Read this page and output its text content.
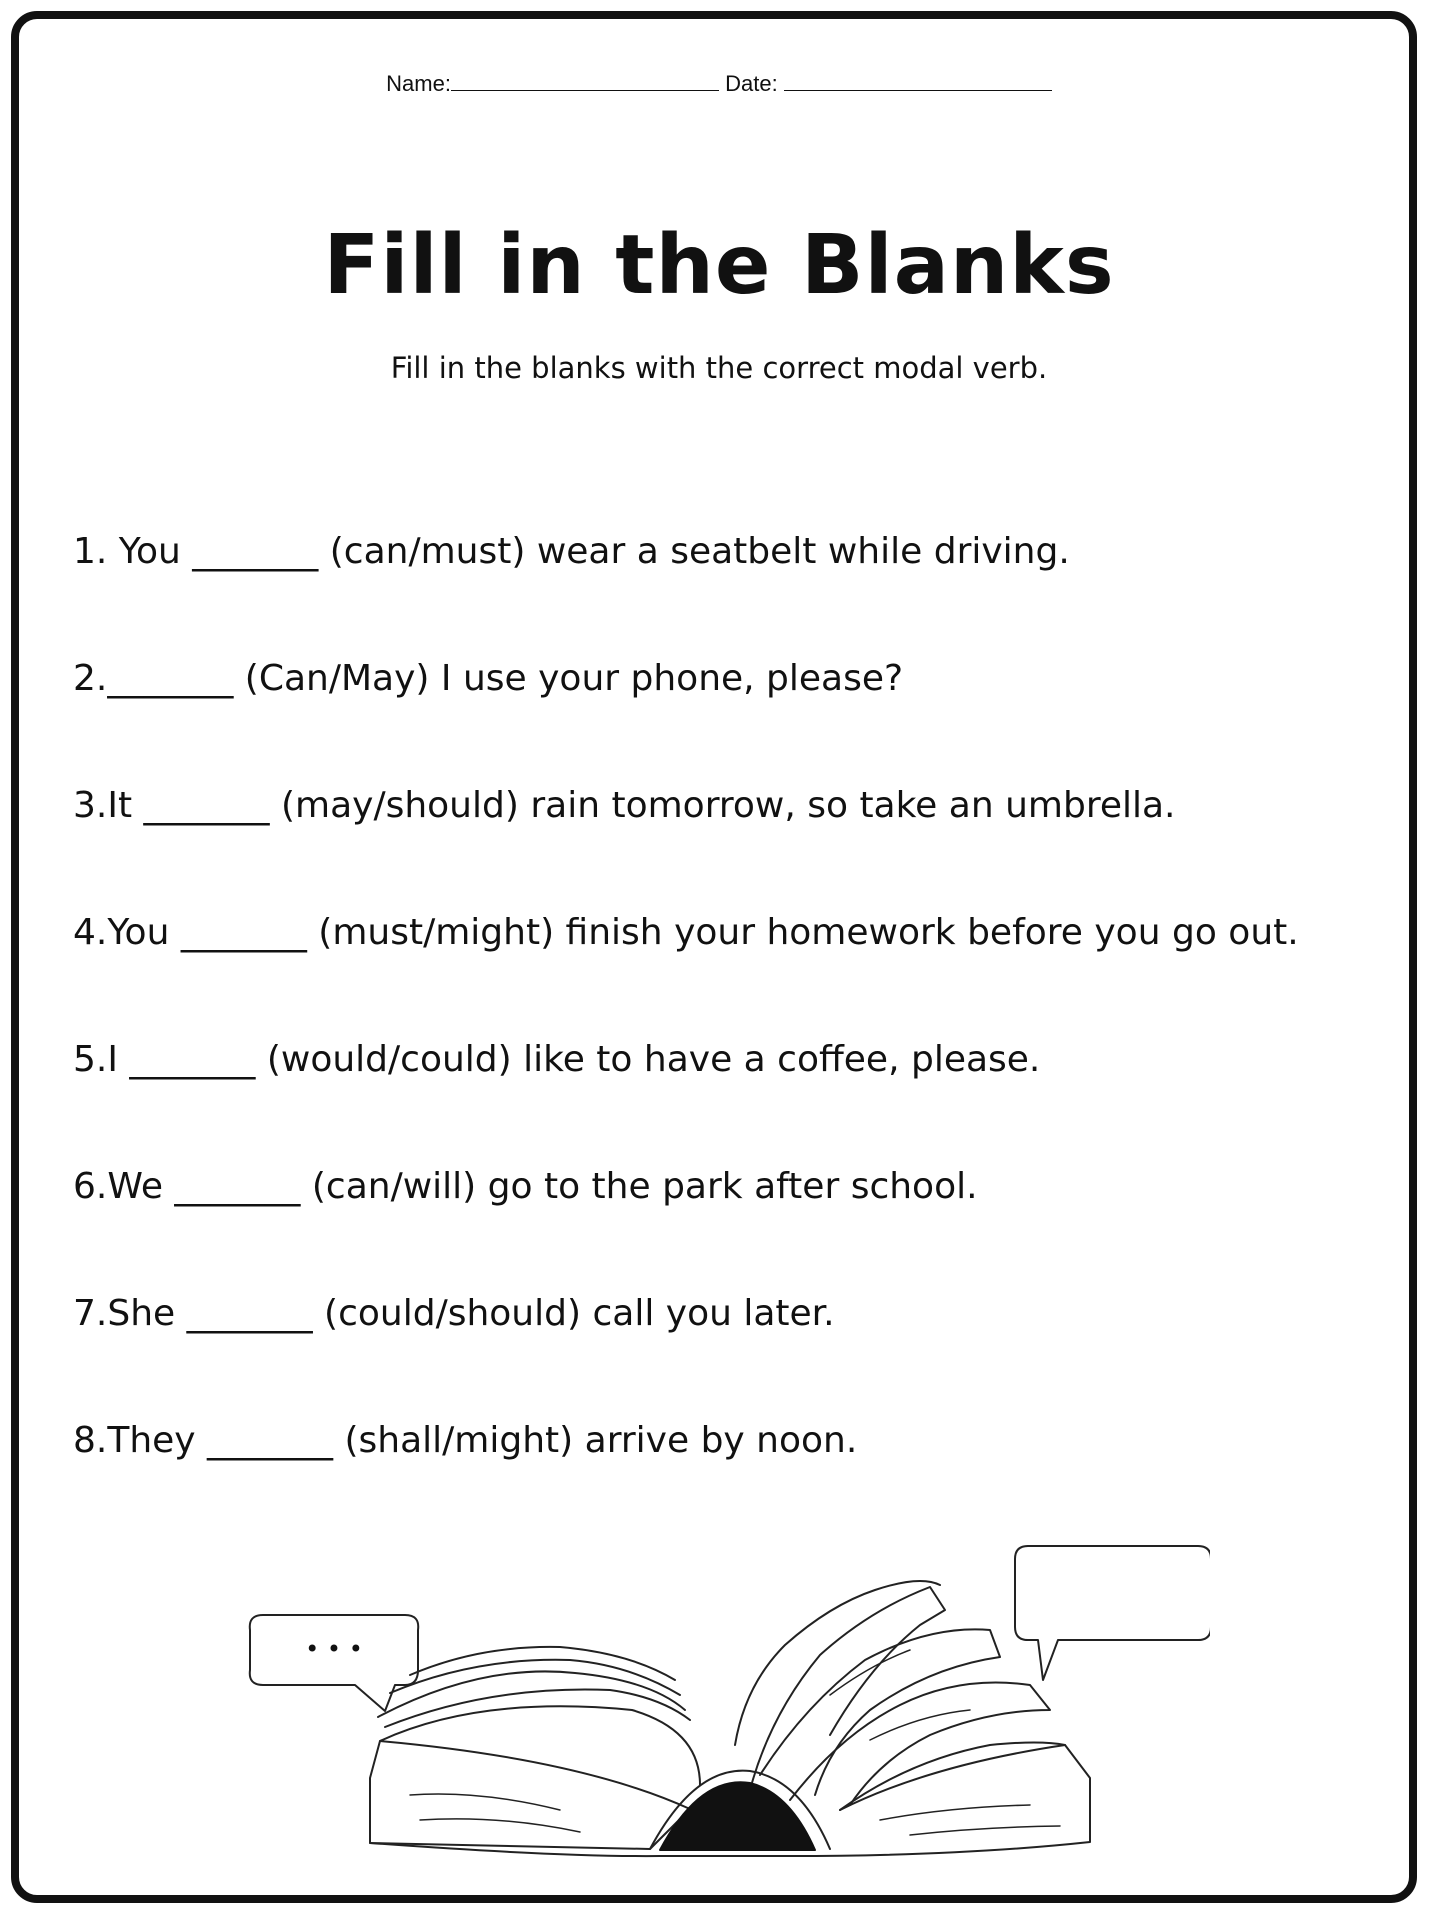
Name:	Date:
Fill in the Blanks
Fill in the blanks with the correct modal verb.
1. You _______ (can/must) wear a seatbelt while driving.
2._______ (Can/May) I use your phone, please?
3.It _______ (may/should) rain tomorrow, so take an umbrella.
4.You _______ (must/might) finish your homework before you go out.
5.I _______ (would/could) like to have a coffee, please.
6.We _______ (can/will) go to the park after school.
7.She _______ (could/should) call you later.
8.They _______ (shall/might) arrive by noon.
• • •
